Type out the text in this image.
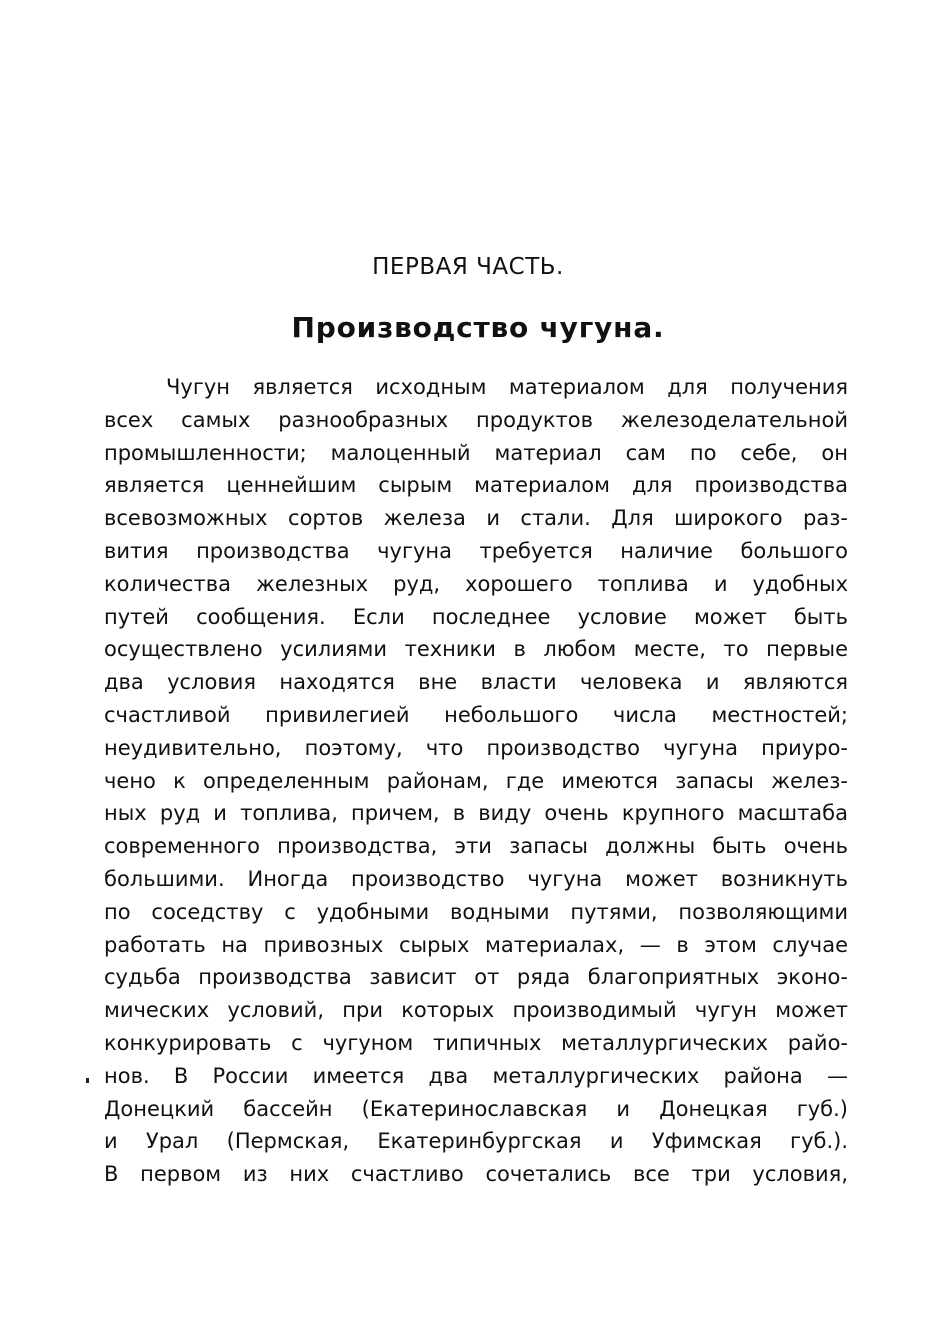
ПЕРВАЯ ЧАСТЬ.
Производство чугуна.
Чугун является исходным материалом для получения
всех самых разнообразных продуктов железоделательной
промышленности; малоценный материал сам по себе, он
является ценнейшим сырым материалом для производства
всевозможных сортов железа и стали. Для широкого раз-
вития производства чугуна требуется наличие большого
количества железных руд, хорошего топлива и удобных
путей сообщения. Если последнее условие может быть
осуществлено усилиями техники в любом месте, то первые
два условия находятся вне власти человека и являются
счастливой привилегией небольшого числа местностей;
неудивительно, поэтому, что производство чугуна приуро-
чено к определенным районам, где имеются запасы желез-
ных руд и топлива, причем, в виду очень крупного масштаба
современного производства, эти запасы должны быть очень
большими. Иногда производство чугуна может возникнуть
по соседству с удобными водными путями, позволяющими
работать на привозных сырых материалах, — в этом случае
судьба производства зависит от ряда благоприятных эконо-
мических условий, при которых производимый чугун может
конкурировать с чугуном типичных металлургических райо-
нов. В России имеется два металлургических района —
Донецкий бассейн (Екатеринославская и Донецкая губ.)
и Урал (Пермская, Екатеринбургская и Уфимская губ.).
В первом из них счастливо сочетались все три условия,
